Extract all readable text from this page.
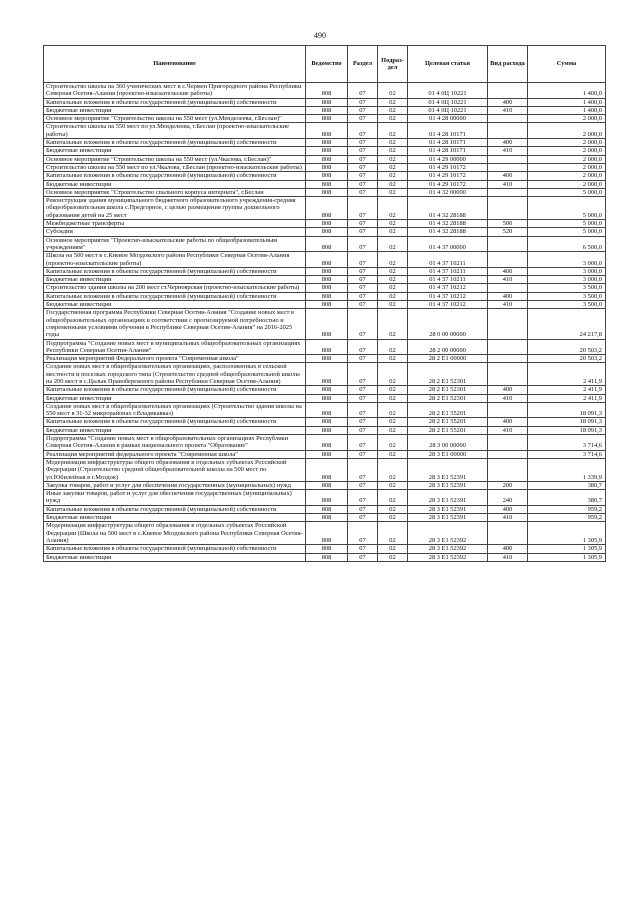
490
Наименование	Ведомство	Раздел	Подраз-дел	Целевая статья	Вид расхода	Сумма
Строительство школы на 360 ученических мест в с.Чермен Пригородного района Республики Северная Осетия-Алания (проектно-изыскательские работы)	808	07	02	01 4 0Ц 10221		1 400,0
Капитальные вложения в объекты государственной (муниципальной) собственности	808	07	02	01 4 0Ц 10221	400	1 400,0
Бюджетные инвестиции	808	07	02	01 4 0Ц 10221	410	1 400,0
Основное мероприятие "Строительство школы на 550 мест (ул.Менделеева, г.Беслан)"	808	07	02	01 4 28 00000		2 000,0
Строительство школы на 550 мест по ул.Менделеева, г.Беслан (проектно-изыскательские работы)	808	07	02	01 4 28 10171		2 000,0
Капитальные вложения в объекты государственной (муниципальной) собственности	808	07	02	01 4 28 10171	400	2 000,0
Бюджетные инвестиции	808	07	02	01 4 28 10171	410	2 000,0
Основное мероприятие "Строительство школы на 550 мест (ул.Чкалова, г.Беслан)"	808	07	02	01 4 29 00000		2 000,0
Строительство школы на 550 мест по ул.Чкалова, г.Беслан (проектно-изыскательские работы)	808	07	02	01 4 29 10172		2 000,0
Капитальные вложения в объекты государственной (муниципальной) собственности	808	07	02	01 4 29 10172	400	2 000,0
Бюджетные инвестиции	808	07	02	01 4 29 10172	410	2 000,0
Основное мероприятие "Строительство спального корпуса интерната", г.Беслан	808	07	02	01 4 32 00000		5 000,0
Реконструкция здания муниципального бюджетного образовательного учреждения-средняя общеобразовательная школа с.Предгорное, с целью размещения группы дошкольного образования детей на 25 мест	808	07	02	01 4 32 28188		5 000,0
Межбюджетные трансферты	808	07	02	01 4 32 28188	500	5 000,0
Субсидии	808	07	02	01 4 32 28188	520	5 000,0
Основное мероприятие "Проектно-изыскательские работы по общеобразовательным учреждениям"	808	07	02	01 4 37 00000		6 500,0
Школа на 500 мест в с.Киевое Моздокского района Республики Северная Осетия-Алания (проектно-изыскательские работы)	808	07	02	01 4 37 10211		3 000,0
Капитальные вложения в объекты государственной (муниципальной) собственности	808	07	02	01 4 37 10211	400	3 000,0
Бюджетные инвестиции	808	07	02	01 4 37 10211	410	3 000,0
Строительство здания школы на 200 мест ст.Черноярская (проектно-изыскательские работы)	808	07	02	01 4 37 10212		3 500,0
Капитальные вложения в объекты государственной (муниципальной) собственности	808	07	02	01 4 37 10212	400	3 500,0
Бюджетные инвестиции	808	07	02	01 4 37 10212	410	3 500,0
Государственная программа Республики Северная Осетия-Алания "Создание новых мест в общеобразовательных организациях в соответствии с прогнозируемой потребностью и современными условиями обучения в Республике Северная Осетия-Алания" на 2016-2025 годы	808	07	02	28 0 00 00000		24 217,8
Подпрограмма "Создание новых мест в муниципальных общеобразовательных организациях Республики Северная Осетия-Алания"	808	07	02	28 2 00 00000		20 503,2
Реализация мероприятий Федерального проекта "Современная школа"	808	07	02	28 2 E1 00000		20 503,2
Создание новых мест в общеобразовательных организациях, расположенных в сельской местности и поселках городского типа (Строительство средней общеобразовательной школы на 200 мест в с.Цалык Правобережного района Республики Северная Осетия-Алания)	808	07	02	28 2 E1 52301		2 411,9
Капитальные вложения в объекты государственной (муниципальной) собственности	808	07	02	28 2 E1 52301	400	2 411,9
Бюджетные инвестиции	808	07	02	28 2 E1 52301	410	2 411,9
Создание новых мест в общеобразовательных организациях (Строительство здания школы на 550 мест в 31-32 микрорайонах г.Владикавказ)	808	07	02	28 2 E1 55201		18 091,3
Капитальные вложения в объекты государственной (муниципальной) собственности	808	07	02	28 2 E1 55201	400	18 091,3
Бюджетные инвестиции	808	07	02	28 2 E1 55201	410	18 091,3
Подпрограмма "Создание новых мест в общеобразовательных организациях Республики Северная Осетия-Алания в рамках национального проекта "Образование"	808	07	02	28 3 00 00000		3 714,6
Реализация мероприятий федерального проекта "Современная школа"	808	07	02	28 3 E1 00000		3 714,6
Модернизация инфраструктуры общего образования в отдельных субъектах Российской Федерации (Строительство средней общеобразовательной школы на 500 мест по ул.Юбилейная в г.Моздок)	808	07	02	28 3 E1 52391		1 339,9
Закупка товаров, работ и услуг для обеспечения государственных (муниципальных) нужд	808	07	02	28 3 E1 52391	200	380,7
Иные закупки товаров, работ и услуг для обеспечения государственных (муниципальных) нужд	808	07	02	28 3 E1 52391	240	380,7
Капитальные вложения в объекты государственной (муниципальной) собственности	808	07	02	28 3 E1 52391	400	959,2
Бюджетные инвестиции	808	07	02	28 3 E1 52391	410	959,2
Модернизация инфраструктуры общего образования в отдельных субъектах Российской Федерации (Школа на 500 мест в с.Киевое Моздокского района Республики Северная Осетия-Алания)	808	07	02	28 3 E1 52392		1 305,9
Капитальные вложения в объекты государственной (муниципальной) собственности	808	07	02	28 3 E1 52392	400	1 305,9
Бюджетные инвестиции	808	07	02	28 3 E1 52392	410	1 305,9
